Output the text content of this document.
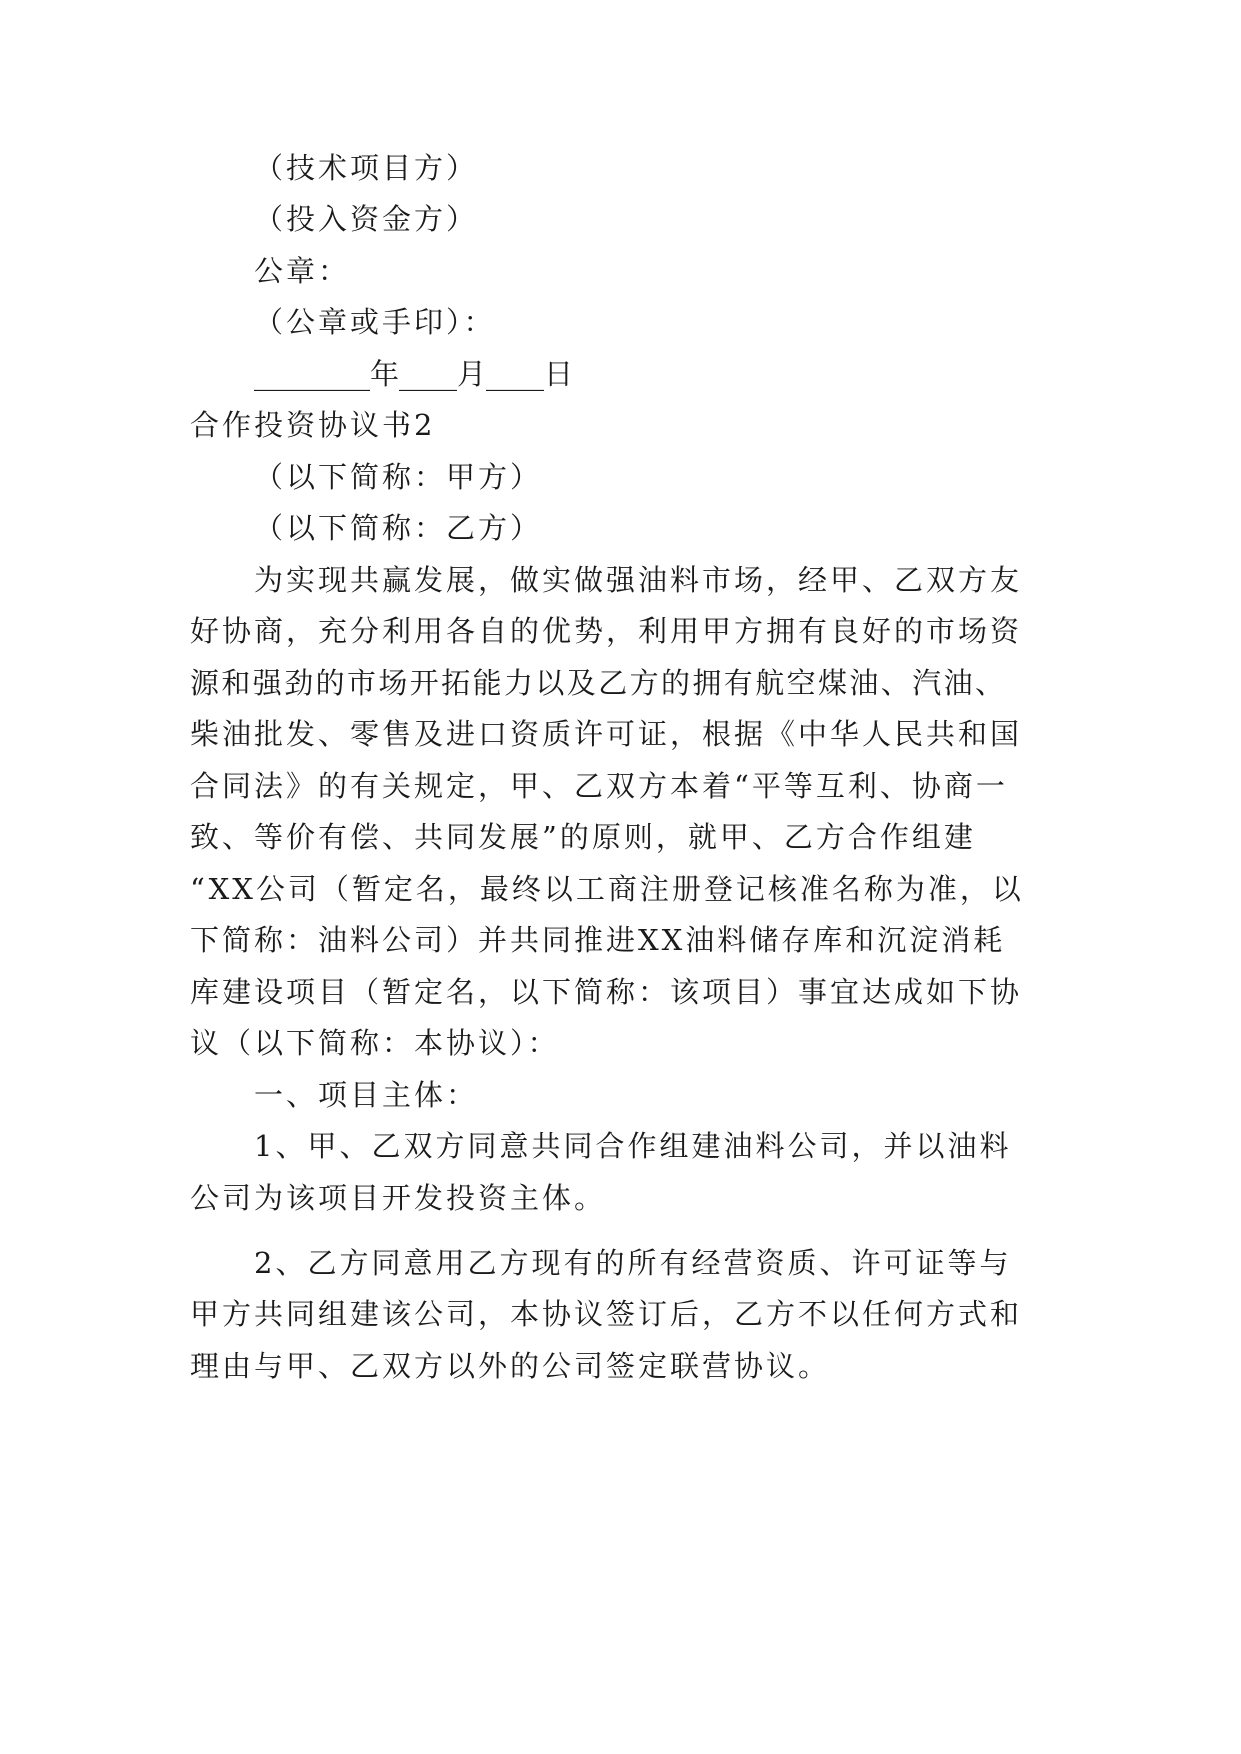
（技术项目方）
（投入资金方）
公章：
（公章或手印）：
________年____月____日
合作投资协议书2
（以下简称：甲方）
（以下简称：乙方）
为实现共赢发展，做实做强油料市场，经甲、乙双方友
好协商，充分利用各自的优势，利用甲方拥有良好的市场资
源和强劲的市场开拓能力以及乙方的拥有航空煤油、汽油、
柴油批发、零售及进口资质许可证，根据《中华人民共和国
合同法》的有关规定，甲、乙双方本着“平等互利、协商一
致、等价有偿、共同发展”的原则，就甲、乙方合作组建
“XX公司（暂定名，最终以工商注册登记核准名称为准，以
下简称：油料公司）并共同推进XX油料储存库和沉淀消耗
库建设项目（暂定名，以下简称：该项目）事宜达成如下协
议（以下简称：本协议）：
一、项目主体：
1、甲、乙双方同意共同合作组建油料公司，并以油料
公司为该项目开发投资主体。
2、乙方同意用乙方现有的所有经营资质、许可证等与
甲方共同组建该公司，本协议签订后，乙方不以任何方式和
理由与甲、乙双方以外的公司签定联营协议。
